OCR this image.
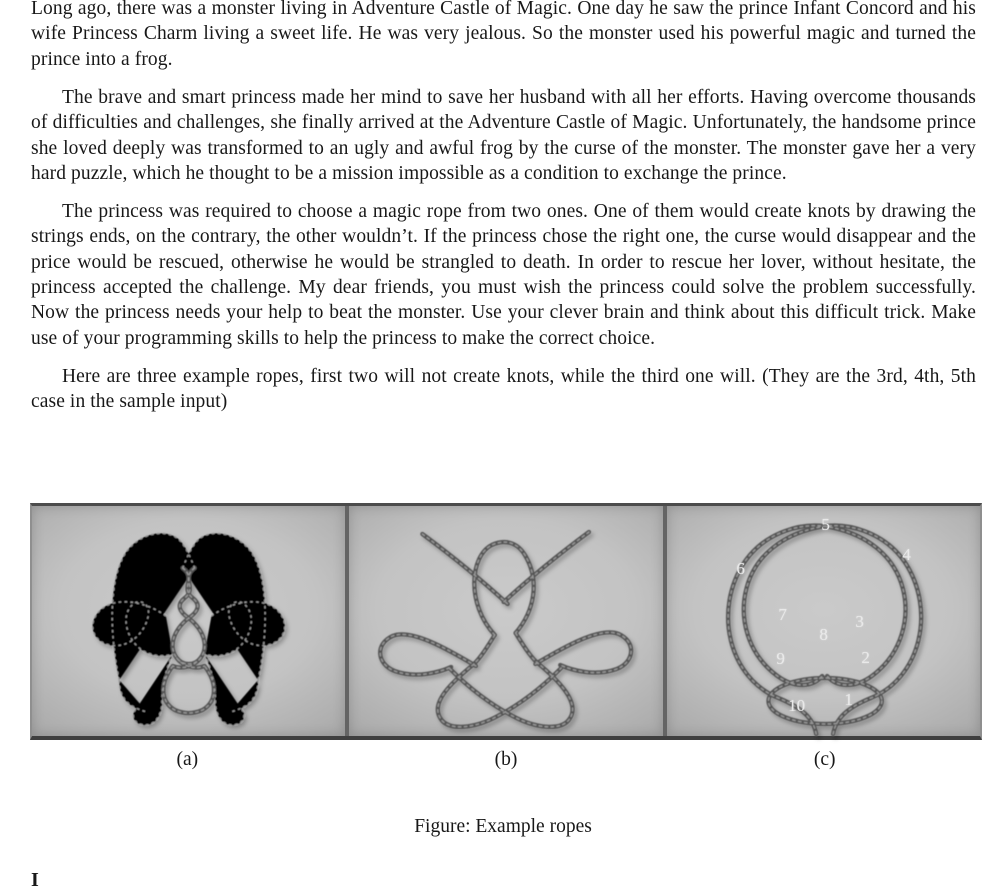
Long ago, there was a monster living in Adventure Castle of Magic. One day he saw the prince Infant Concord and his wife Princess Charm living a sweet life. He was very jealous. So the monster used his powerful magic and turned the prince into a frog.

The brave and smart princess made her mind to save her husband with all her efforts. Having overcome thousands of difficulties and challenges, she finally arrived at the Adventure Castle of Magic. Unfortunately, the handsome prince she loved deeply was transformed to an ugly and awful frog by the curse of the monster. The monster gave her a very hard puzzle, which he thought to be a mission impossible as a condition to exchange the prince.

The princess was required to choose a magic rope from two ones. One of them would create knots by drawing the strings ends, on the contrary, the other wouldn’t. If the princess chose the right one, the curse would disappear and the price would be rescued, otherwise he would be strangled to death. In order to rescue her lover, without hesitate, the princess accepted the challenge. My dear friends, you must wish the princess could solve the problem successfully. Now the princess needs your help to beat the monster. Use your clever brain and think about this difficult trick. Make use of your programming skills to help the princess to make the correct choice.

Here are three example ropes, first two will not create knots, while the third one will. (They are the 3rd, 4th, 5th case in the sample input)

5
4
6
7	3
8
9	2
1
10
(a)	(b)	(c)
Figure: Example ropes
I
